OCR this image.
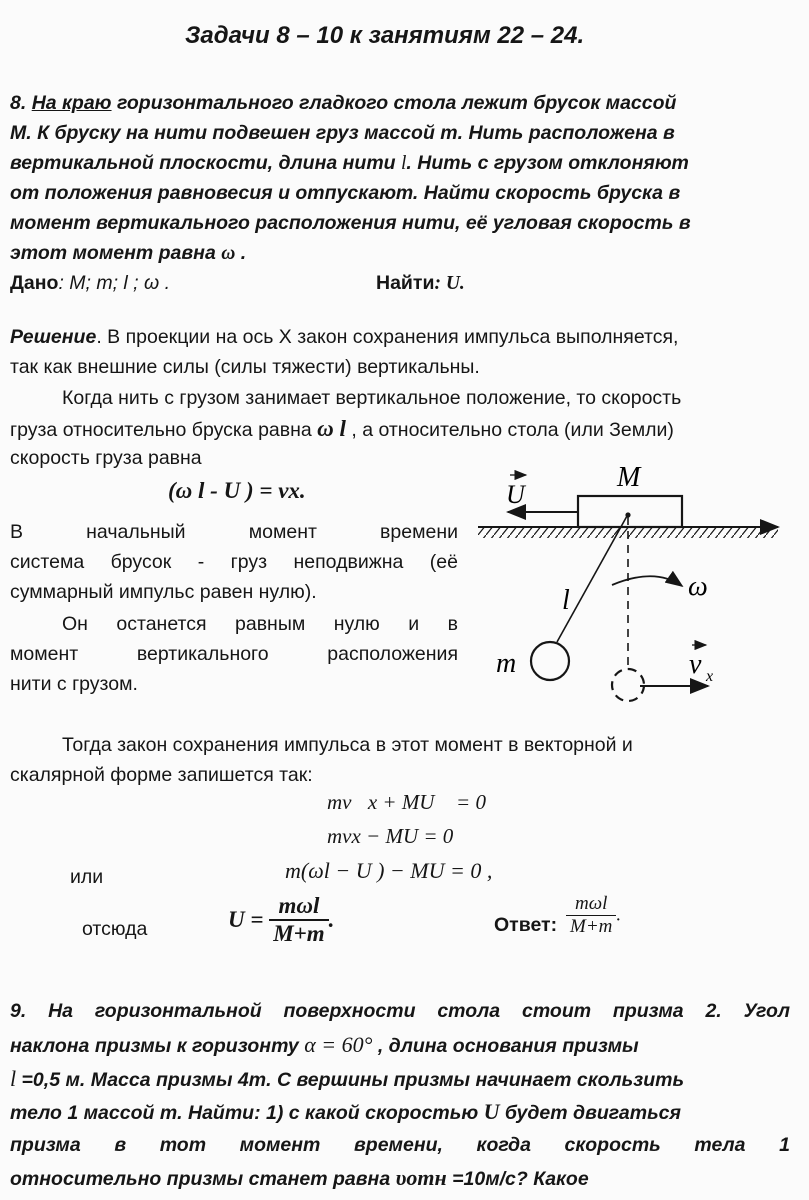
Задачи 8 – 10 к занятиям 22 – 24.
8. На краю горизонтального гладкого стола лежит брусок массой
M. К бруску на нити подвешен груз массой m. Нить расположена в
вертикальной плоскости, длина нити l. Нить с грузом отклоняют
от положения равновесия и отпускают. Найти скорость бруска в
момент вертикального расположения нити, её угловая скорость в
этот момент равна ω .
Дано: M; m; l ; ω .	Найти: U.
Решение. В проекции на ось X закон сохранения импульса выполняется,
так как внешние силы (силы тяжести) вертикальны.
Когда нить с грузом занимает вертикальное положение, то скорость
груза относительно бруска равна ω l , а относительно стола (или Земли)
скорость груза равна
(ω l - U ) = vx.
В начальный момент времени
система брусок - груз неподвижна (её
суммарный импульс равен нулю).
Он останется равным нулю и в
момент вертикального расположения
нити с грузом.
U
M
ω
l
m	v x
Тогда закон сохранения импульса в этот момент в векторной и
скалярной форме запишется так:
mv⃗x + MU⃗ = 0
mvx − MU = 0
или	m(ωl − U ) − MU = 0 ,
отсюда	$U = \frac{\text{mωl}}{M+m}$ .	Ответ: $\frac{\text{mωl}}{M+m}$ .
9. На горизонтальной поверхности стола стоит призма 2. Угол
наклона призмы к горизонту α = 60° , длина основания призмы
l =0,5 м. Масса призмы 4m. С вершины призмы начинает скользить
тело 1 массой m. Найти: 1) с какой скоростью U будет двигаться
призма в тот момент времени, когда скорость тела 1
относительно призмы станет равна υотн =10м/с? Какое
